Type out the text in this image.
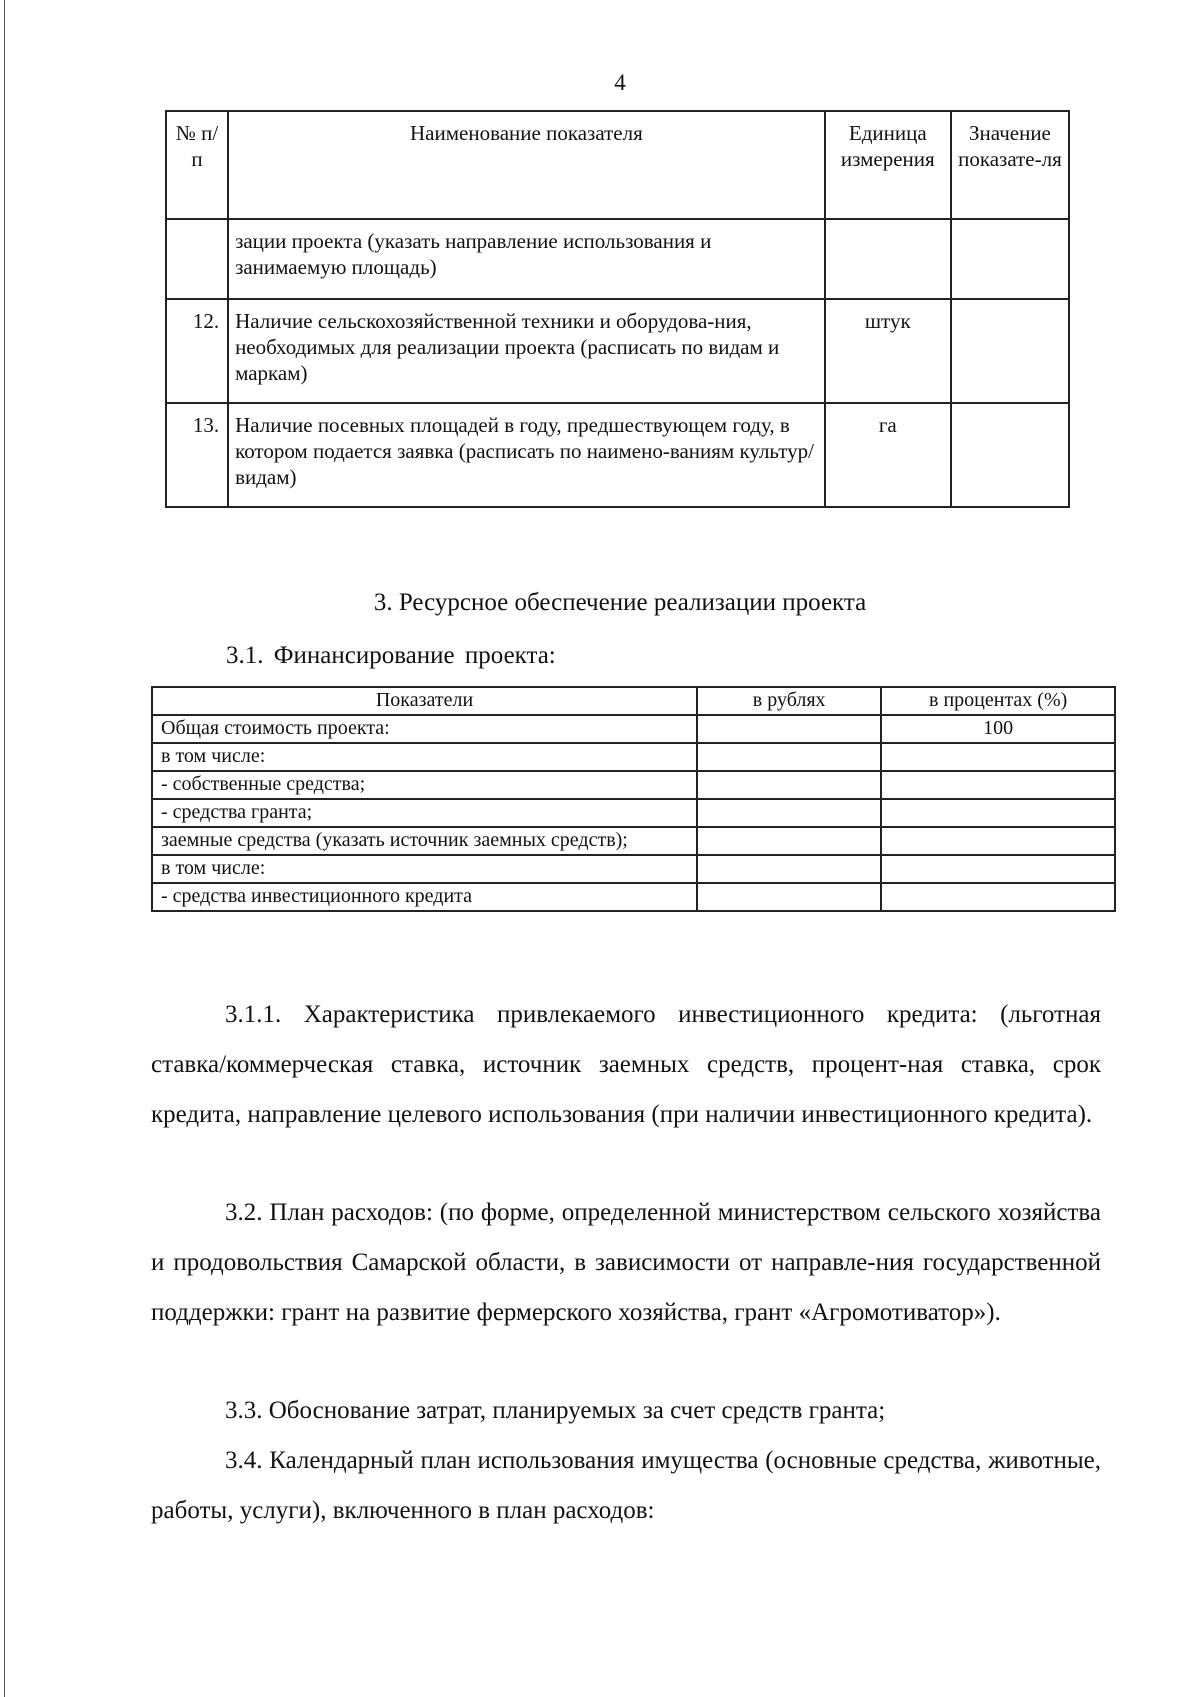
4
№ п/п	Наименование показателя	Единица измерения	Значение показате-ля
	зации проекта (указать направление использования и занимаемую площадь)		
12.	Наличие сельскохозяйственной техники и оборудова-ния, необходимых для реализации проекта (расписать по видам и маркам)	штук	
13.	Наличие посевных площадей в году, предшествующем году, в котором подается заявка (расписать по наимено-ваниям культур/видам)	га	
3. Ресурсное обеспечение реализации проекта
3.1. Финансирование проекта:
Показатели	в рублях	в процентах (%)
Общая стоимость проекта:		100
в том числе:		
- собственные средства;		
- средства гранта;		
заемные средства (указать источник заемных средств);		
в том числе:		
- средства инвестиционного кредита		
3.1.1. Характеристика привлекаемого инвестиционного кредита: (льготная ставка/коммерческая ставка, источник заемных средств, процент-ная ставка, срок кредита, направление целевого использования (при наличии инвестиционного кредита).
3.2. План расходов: (по форме, определенной министерством сельского хозяйства и продовольствия Самарской области, в зависимости от направле-ния государственной поддержки: грант на развитие фермерского хозяйства, грант «Агромотиватор»).
3.3. Обоснование затрат, планируемых за счет средств гранта;
3.4. Календарный план использования имущества (основные средства, животные, работы, услуги), включенного в план расходов:
